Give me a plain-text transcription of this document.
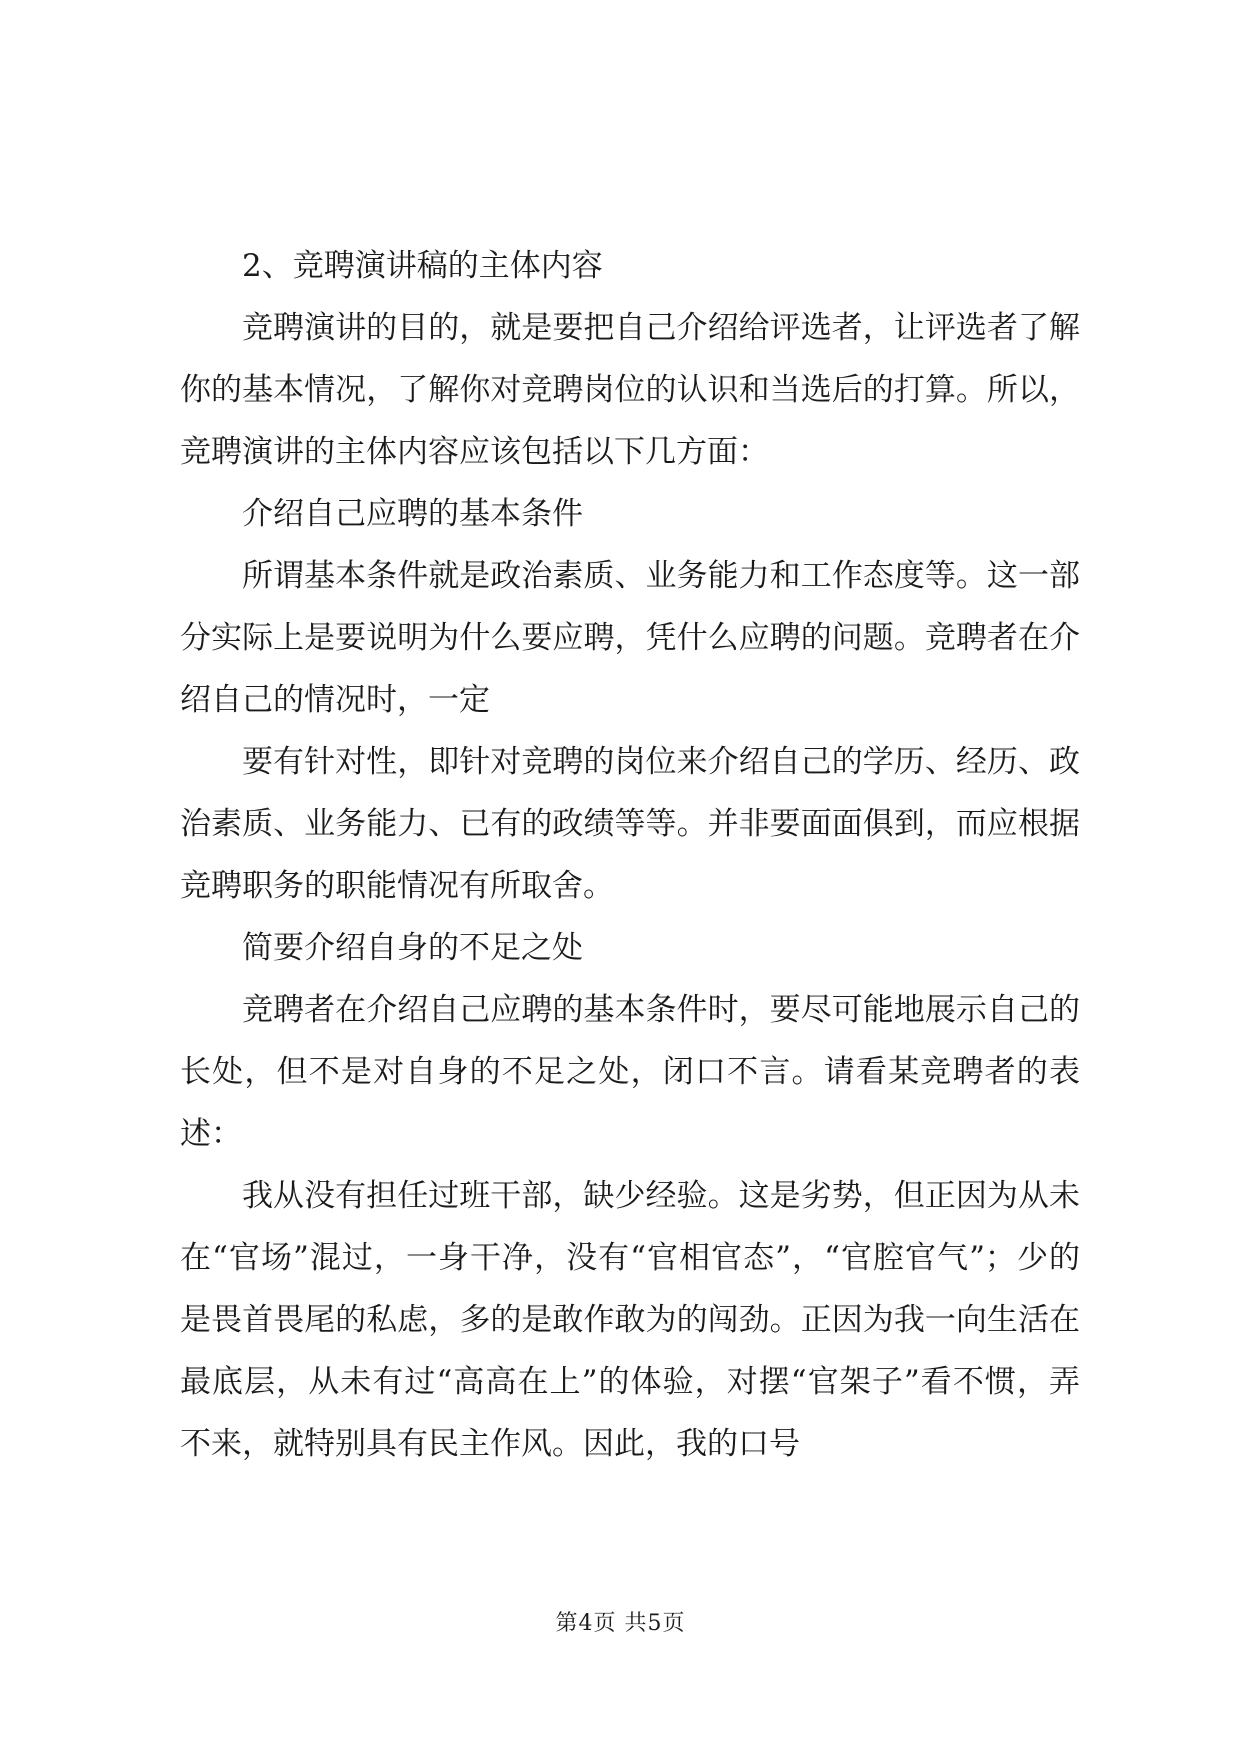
2、竞聘演讲稿的主体内容

竞聘演讲的目的，就是要把自己介绍给评选者，让评选者了解你的基本情况，了解你对竞聘岗位的认识和当选后的打算。所以，竞聘演讲的主体内容应该包括以下几方面：

介绍自己应聘的基本条件

所谓基本条件就是政治素质、业务能力和工作态度等。这一部分实际上是要说明为什么要应聘，凭什么应聘的问题。竞聘者在介绍自己的情况时，一定

要有针对性，即针对竞聘的岗位来介绍自己的学历、经历、政治素质、业务能力、已有的政绩等等。并非要面面俱到，而应根据竞聘职务的职能情况有所取舍。

简要介绍自身的不足之处

竞聘者在介绍自己应聘的基本条件时，要尽可能地展示自己的长处，但不是对自身的不足之处，闭口不言。请看某竞聘者的表述：

我从没有担任过班干部，缺少经验。这是劣势，但正因为从未在“官场”混过，一身干净，没有“官相官态”，“官腔官气”；少的是畏首畏尾的私虑，多的是敢作敢为的闯劲。正因为我一向生活在最底层，从未有过“高高在上”的体验，对摆“官架子”看不惯，弄不来，就特别具有民主作风。因此，我的口号

第4页 共5页
